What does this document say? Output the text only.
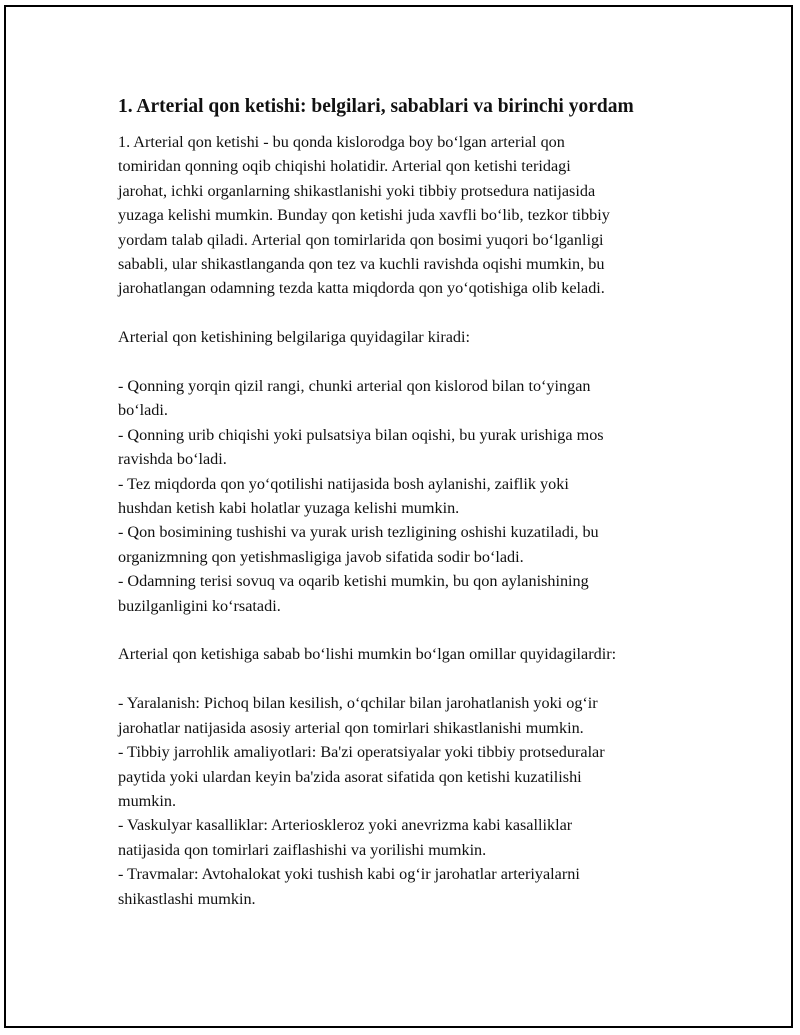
1. Arterial qon ketishi: belgilari, sabablari va birinchi yordam

1. Arterial qon ketishi - bu qonda kislorodga boy bo‘lgan arterial qon
tomiridan qonning oqib chiqishi holatidir. Arterial qon ketishi teridagi
jarohat, ichki organlarning shikastlanishi yoki tibbiy protsedura natijasida
yuzaga kelishi mumkin. Bunday qon ketishi juda xavfli bo‘lib, tezkor tibbiy
yordam talab qiladi. Arterial qon tomirlarida qon bosimi yuqori bo‘lganligi
sababli, ular shikastlanganda qon tez va kuchli ravishda oqishi mumkin, bu
jarohatlangan odamning tezda katta miqdorda qon yo‘qotishiga olib keladi.

Arterial qon ketishining belgilariga quyidagilar kiradi:

- Qonning yorqin qizil rangi, chunki arterial qon kislorod bilan to‘yingan
bo‘ladi.
- Qonning urib chiqishi yoki pulsatsiya bilan oqishi, bu yurak urishiga mos
ravishda bo‘ladi.
- Tez miqdorda qon yo‘qotilishi natijasida bosh aylanishi, zaiflik yoki
hushdan ketish kabi holatlar yuzaga kelishi mumkin.
- Qon bosimining tushishi va yurak urish tezligining oshishi kuzatiladi, bu
organizmning qon yetishmasligiga javob sifatida sodir bo‘ladi.
- Odamning terisi sovuq va oqarib ketishi mumkin, bu qon aylanishining
buzilganligini ko‘rsatadi.

Arterial qon ketishiga sabab bo‘lishi mumkin bo‘lgan omillar quyidagilardir:

- Yaralanish: Pichoq bilan kesilish, o‘qchilar bilan jarohatlanish yoki og‘ir
jarohatlar natijasida asosiy arterial qon tomirlari shikastlanishi mumkin.
- Tibbiy jarrohlik amaliyotlari: Ba'zi operatsiyalar yoki tibbiy protseduralar
paytida yoki ulardan keyin ba'zida asorat sifatida qon ketishi kuzatilishi
mumkin.
- Vaskulyar kasalliklar: Arterioskleroz yoki anevrizma kabi kasalliklar
natijasida qon tomirlari zaiflashishi va yorilishi mumkin.
- Travmalar: Avtohalokat yoki tushish kabi og‘ir jarohatlar arteriyalarni
shikastlashi mumkin.
